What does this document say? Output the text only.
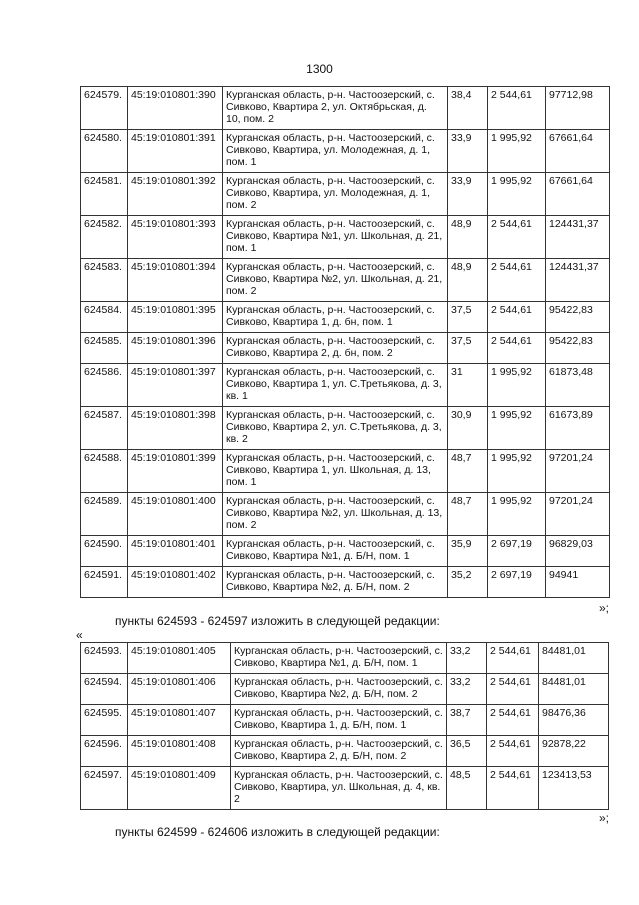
1300
624579.	45:19:010801:390	Курганская область, р-н. Частоозерский, с. Сивково, Квартира 2, ул. Октябрьская, д. 10, пом. 2	38,4	2 544,61	97712,98
624580.	45:19:010801:391	Курганская область, р-н. Частоозерский, с. Сивково, Квартира, ул. Молодежная, д. 1, пом. 1	33,9	1 995,92	67661,64
624581.	45:19:010801:392	Курганская область, р-н. Частоозерский, с. Сивково, Квартира, ул. Молодежная, д. 1, пом. 2	33,9	1 995,92	67661,64
624582.	45:19:010801:393	Курганская область, р-н. Частоозерский, с. Сивково, Квартира №1, ул. Школьная, д. 21, пом. 1	48,9	2 544,61	124431,37
624583.	45:19:010801:394	Курганская область, р-н. Частоозерский, с. Сивково, Квартира №2, ул. Школьная, д. 21, пом. 2	48,9	2 544,61	124431,37
624584.	45:19:010801:395	Курганская область, р-н. Частоозерский, с. Сивково, Квартира 1, д. бн, пом. 1	37,5	2 544,61	95422,83
624585.	45:19:010801:396	Курганская область, р-н. Частоозерский, с. Сивково, Квартира 2, д. бн, пом. 2	37,5	2 544,61	95422,83
624586.	45:19:010801:397	Курганская область, р-н. Частоозерский, с. Сивково, Квартира 1, ул. С.Третьякова, д. 3, кв. 1	31	1 995,92	61873,48
624587.	45:19:010801:398	Курганская область, р-н. Частоозерский, с. Сивково, Квартира 2, ул. С.Третьякова, д. 3, кв. 2	30,9	1 995,92	61673,89
624588.	45:19:010801:399	Курганская область, р-н. Частоозерский, с. Сивково, Квартира 1, ул. Школьная, д. 13, пом. 1	48,7	1 995,92	97201,24
624589.	45:19:010801:400	Курганская область, р-н. Частоозерский, с. Сивково, Квартира №2, ул. Школьная, д. 13, пом. 2	48,7	1 995,92	97201,24
624590.	45:19:010801:401	Курганская область, р-н. Частоозерский, с. Сивково, Квартира №1, д. Б/Н, пом. 1	35,9	2 697,19	96829,03
624591.	45:19:010801:402	Курганская область, р-н. Частоозерский, с. Сивково, Квартира №2, д. Б/Н, пом. 2	35,2	2 697,19	94941
»;
пункты 624593 - 624597 изложить в следующей редакции:
«
624593.	45:19:010801:405	Курганская область, р-н. Частоозерский, с. Сивково, Квартира №1, д. Б/Н, пом. 1	33,2	2 544,61	84481,01
624594.	45:19:010801:406	Курганская область, р-н. Частоозерский, с. Сивково, Квартира №2, д. Б/Н, пом. 2	33,2	2 544,61	84481,01
624595.	45:19:010801:407	Курганская область, р-н. Частоозерский, с. Сивково, Квартира 1, д. Б/Н, пом. 1	38,7	2 544,61	98476,36
624596.	45:19:010801:408	Курганская область, р-н. Частоозерский, с. Сивково, Квартира 2, д. Б/Н, пом. 2	36,5	2 544,61	92878,22
624597.	45:19:010801:409	Курганская область, р-н. Частоозерский, с. Сивково, Квартира, ул. Школьная, д. 4, кв. 2	48,5	2 544,61	123413,53
»;
пункты 624599 - 624606 изложить в следующей редакции:
